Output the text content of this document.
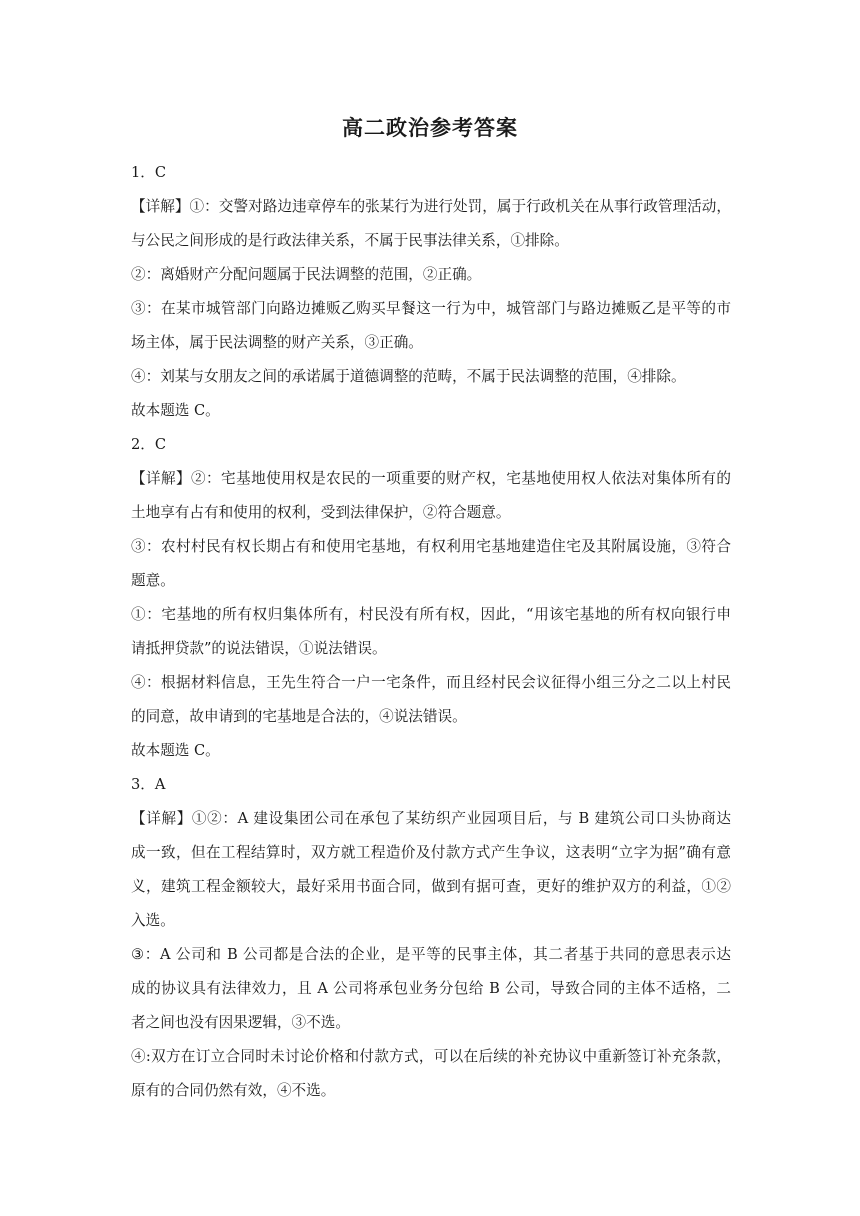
高二政治参考答案
1．C
【详解】①：交警对路边违章停车的张某行为进行处罚，属于行政机关在从事行政管理活动，
与公民之间形成的是行政法律关系，不属于民事法律关系，①排除。
②：离婚财产分配问题属于民法调整的范围，②正确。
③：在某市城管部门向路边摊贩乙购买早餐这一行为中，城管部门与路边摊贩乙是平等的市
场主体，属于民法调整的财产关系，③正确。
④：刘某与女朋友之间的承诺属于道德调整的范畴，不属于民法调整的范围，④排除。
故本题选 C。
2．C
【详解】②：宅基地使用权是农民的一项重要的财产权，宅基地使用权人依法对集体所有的
土地享有占有和使用的权利，受到法律保护，②符合题意。
③：农村村民有权长期占有和使用宅基地，有权利用宅基地建造住宅及其附属设施，③符合
题意。
①：宅基地的所有权归集体所有，村民没有所有权，因此，“用该宅基地的所有权向银行申
请抵押贷款”的说法错误，①说法错误。
④：根据材料信息，王先生符合一户一宅条件，而且经村民会议征得小组三分之二以上村民
的同意，故申请到的宅基地是合法的，④说法错误。
故本题选 C。
3．A
【详解】①②：A 建设集团公司在承包了某纺织产业园项目后，与 B 建筑公司口头协商达
成一致，但在工程结算时，双方就工程造价及付款方式产生争议，这表明“立字为据”确有意
义，建筑工程金额较大，最好采用书面合同，做到有据可查，更好的维护双方的利益，①②
入选。
③：A 公司和 B 公司都是合法的企业，是平等的民事主体，其二者基于共同的意思表示达
成的协议具有法律效力，且 A 公司将承包业务分包给 B 公司，导致合同的主体不适格，二
者之间也没有因果逻辑，③不选。
④:双方在订立合同时未讨论价格和付款方式，可以在后续的补充协议中重新签订补充条款，
原有的合同仍然有效，④不选。
